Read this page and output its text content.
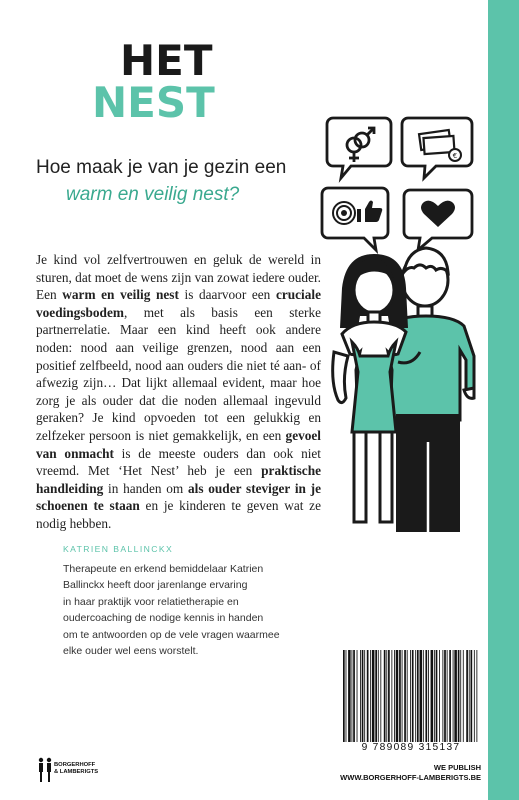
HET
NEST
Hoe maak je van je gezin een
warm en veilig nest?

Je kind vol zelfvertrouwen en geluk de wereld in sturen, dat moet de wens zijn van zowat iedere ouder. Een warm en veilig nest is daarvoor een cruciale voedingsbodem, met als basis een sterke partnerrelatie. Maar een kind heeft ook andere noden: nood aan veilige grenzen, nood aan een positief zelfbeeld, nood aan ouders die niet té aan- of afwezig zijn… Dat lijkt allemaal evident, maar hoe zorg je als ouder dat die noden allemaal ingevuld geraken? Je kind opvoeden tot een gelukkig en zelfzeker persoon is niet gemakkelijk, en een gevoel van onmacht is de meeste ouders dan ook niet vreemd. Met ‘Het Nest’ heb je een praktische handleiding in handen om als ouder steviger in je schoenen te staan en je kinderen te geven wat ze nodig hebben.

KATRIEN BALLINCKX
Therapeute en erkend bemiddelaar Katrien
Ballinckx heeft door jarenlange ervaring
in haar praktijk voor relatietherapie en
oudercoaching de nodige kennis in handen
om te antwoorden op de vele vragen waarmee
elke ouder wel eens worstelt.
€
9 789089 315137
BORGERHOFF
& LAMBERIGTS	WE PUBLISH
WWW.BORGERHOFF-LAMBERIGTS.BE
